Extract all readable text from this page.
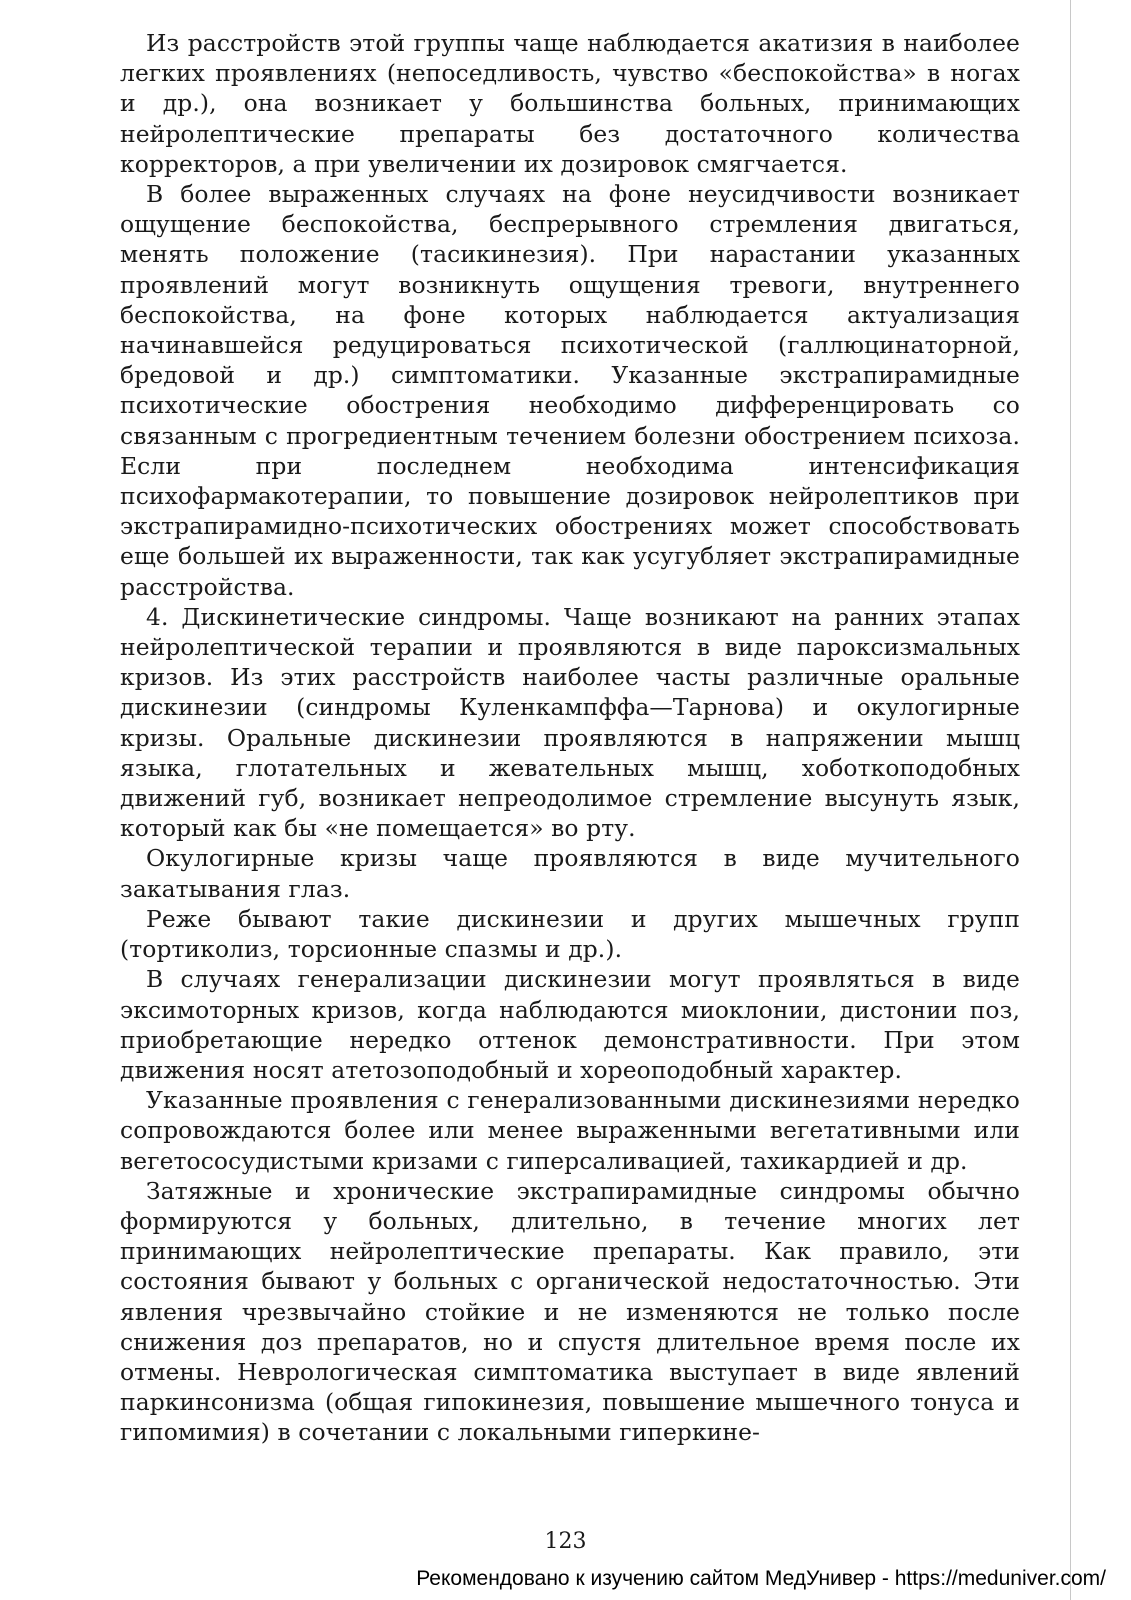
Из расстройств этой группы чаще наблюдается акатизия в наиболее легких проявлениях (непоседливость, чувство «беспокойства» в ногах и др.), она возникает у большинства больных, принимающих нейролептические препараты без достаточного количества корректоров, а при увеличении их дозировок смягчается.

В более выраженных случаях на фоне неусидчивости возникает ощущение беспокойства, беспрерывного стремления двигаться, менять положение (тасикинезия). При нарастании указанных проявлений могут возникнуть ощущения тревоги, внутреннего беспокойства, на фоне которых наблюдается актуализация начинавшейся редуцироваться психотической (галлюцинаторной, бредовой и др.) симптоматики. Указанные экстрапирамидные психотические обострения необходимо дифференцировать со связанным с прогредиентным течением болезни обострением психоза. Если при последнем необходима интенсификация психофармакотерапии, то повышение дозировок нейролептиков при экстрапирамидно-психотических обострениях может способствовать еще большей их выраженности, так как усугубляет экстрапирамидные расстройства.

4. Дискинетические синдромы. Чаще возникают на ранних этапах нейролептической терапии и проявляются в виде пароксизмальных кризов. Из этих расстройств наиболее часты различные оральные дискинезии (синдромы Куленкампффа—Тарнова) и окулогирные кризы. Оральные дискинезии проявляются в напряжении мышц языка, глотательных и жевательных мышц, хоботкоподобных движений губ, возникает непреодолимое стремление высунуть язык, который как бы «не помещается» во рту.

Окулогирные кризы чаще проявляются в виде мучительного закатывания глаз.

Реже бывают такие дискинезии и других мышечных групп (тортиколиз, торсионные спазмы и др.).

В случаях генерализации дискинезии могут проявляться в виде эксимоторных кризов, когда наблюдаются миоклонии, дистонии поз, приобретающие нередко оттенок демонстративности. При этом движения носят атетозоподобный и хореоподобный характер.

Указанные проявления с генерализованными дискинезиями нередко сопровождаются более или менее выраженными вегетативными или вегетососудистыми кризами с гиперсаливацией, тахикардией и др.

Затяжные и хронические экстрапирамидные синдромы обычно формируются у больных, длительно, в течение многих лет принимающих нейролептические препараты. Как правило, эти состояния бывают у больных с органической недостаточностью. Эти явления чрезвычайно стойкие и не изменяются не только после снижения доз препаратов, но и спустя длительное время после их отмены. Неврологическая симптоматика выступает в виде явлений паркинсонизма (общая гипокинезия, повышение мышечного тонуса и гипомимия) в сочетании с локальными гиперкине-

123
Рекомендовано к изучению сайтом МедУнивер - https://meduniver.com/
